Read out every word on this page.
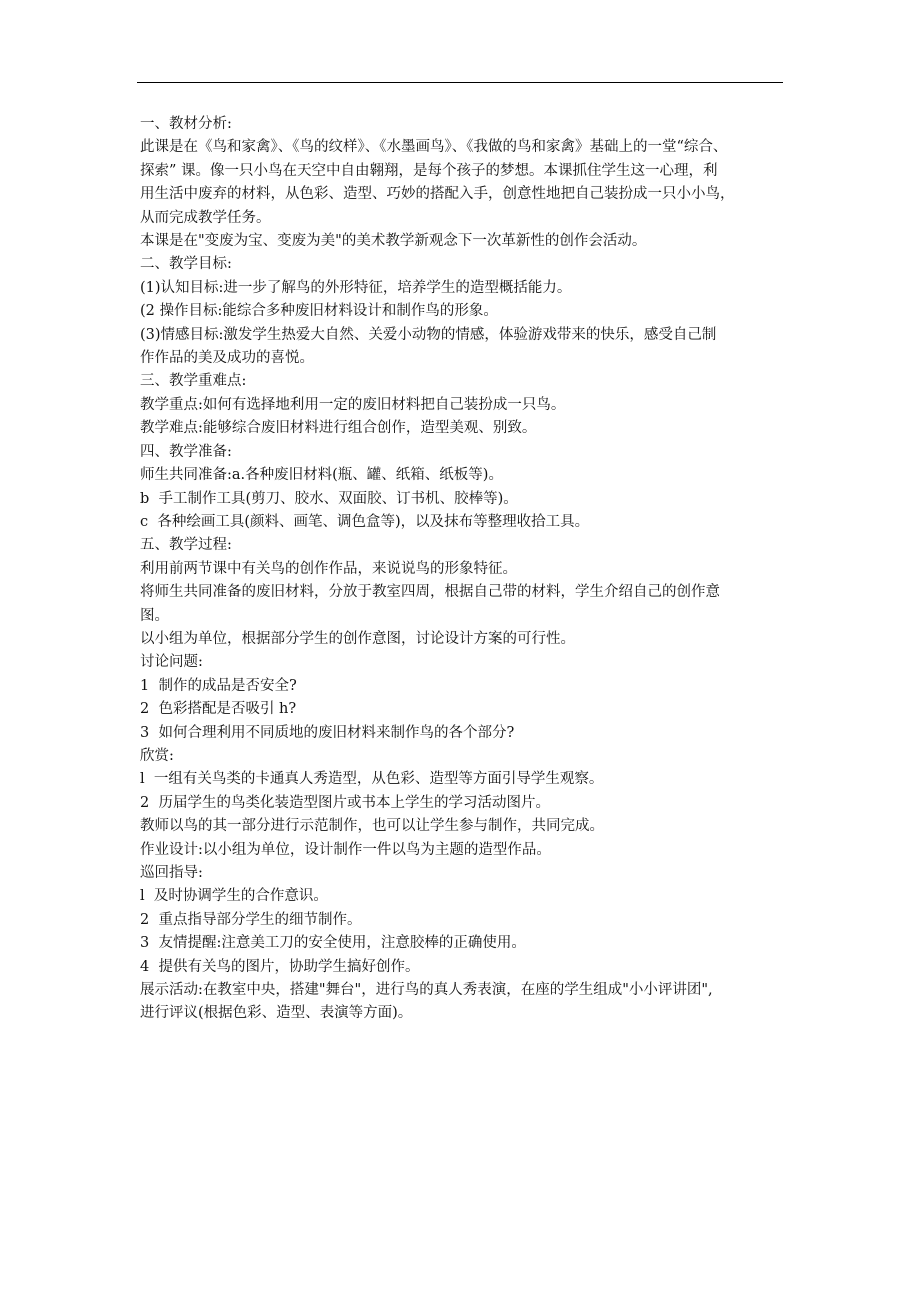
一、教材分析:

此课是在《鸟和家禽》、《鸟的纹样》、《水墨画鸟》、《我做的鸟和家禽》基础上的一堂“综合、

探索” 课。像一只小鸟在天空中自由翱翔，是每个孩子的梦想。本课抓住学生这一心理，利

用生活中废弃的材料，从色彩、造型、巧妙的搭配入手，创意性地把自己装扮成一只小小鸟，

从而完成教学任务。

本课是在"变废为宝、变废为美"的美术教学新观念下一次革新性的创作会活动。

二、教学目标:

(1)认知目标:进一步了解鸟的外形特征，培养学生的造型概括能力。

(2 操作目标:能综合多种废旧材料设计和制作鸟的形象。

(3)情感目标:激发学生热爱大自然、关爱小动物的情感，体验游戏带来的快乐，感受自己制

作作品的美及成功的喜悦。

三、教学重难点:

教学重点:如何有选择地利用一定的废旧材料把自己装扮成一只鸟。

教学难点:能够综合废旧材料进行组合创作，造型美观、别致。

四、教学准备:

师生共同准备:a.各种废旧材料(瓶、罐、纸箱、纸板等)。

b  手工制作工具(剪刀、胶水、双面胶、订书机、胶棒等)。

c  各种绘画工具(颜料、画笔、调色盒等)，以及抹布等整理收拾工具。

五、教学过程:

利用前两节课中有关鸟的创作作品，来说说鸟的形象特征。

将师生共同准备的废旧材料，分放于教室四周，根据自己带的材料，学生介绍自己的创作意

图。

以小组为单位，根据部分学生的创作意图，讨论设计方案的可行性。

讨论问题:

1  制作的成品是否安全?

2  色彩搭配是否吸引 h?

3  如何合理利用不同质地的废旧材料来制作鸟的各个部分?

欣赏:

l  一组有关鸟类的卡通真人秀造型，从色彩、造型等方面引导学生观察。

2  历届学生的鸟类化装造型图片或书本上学生的学习活动图片。

教师以鸟的其一部分进行示范制作，也可以让学生参与制作，共同完成。

作业设计:以小组为单位，设计制作一件以鸟为主题的造型作品。

巡回指导:

l  及时协调学生的合作意识。

2  重点指导部分学生的细节制作。

3  友情提醒:注意美工刀的安全使用，注意胶棒的正确使用。

4  提供有关鸟的图片，协助学生搞好创作。

展示活动:在教室中央，搭建"舞台"，进行鸟的真人秀表演，在座的学生组成"小小评讲团",

进行评议(根据色彩、造型、表演等方面)。
